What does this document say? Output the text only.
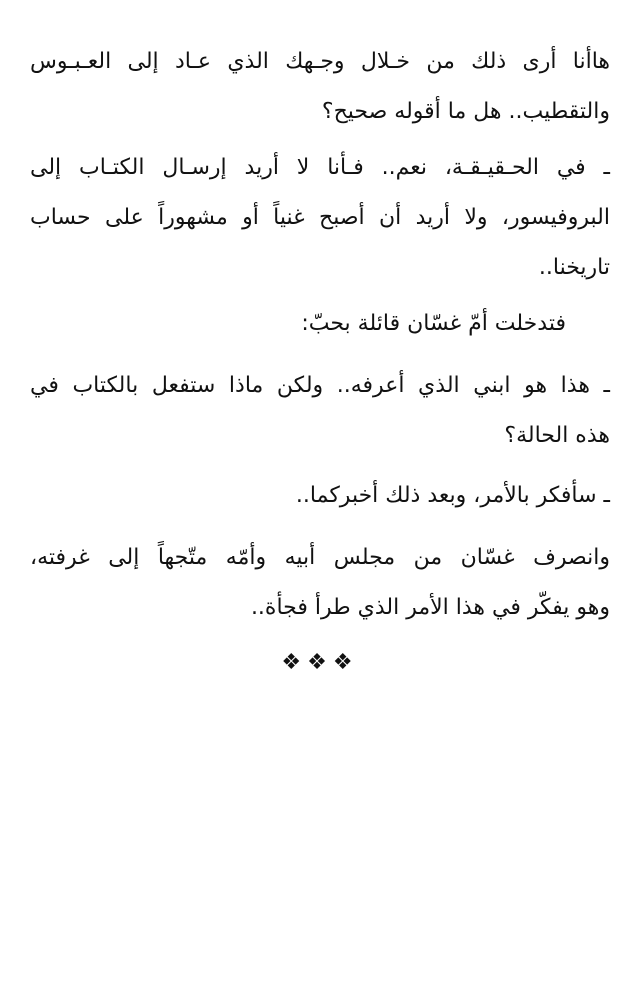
هاأنا أرى ذلك من خـلال وجـهك الذي عـاد إلى العـبـوس
والتقطيب.. هل ما أقوله صحيح؟
ـ في الحـقيـقـة، نعم.. فـأنا لا أريد إرسـال الكتـاب إلى
البروفيسور، ولا أريد أن أصبح غنياً أو مشهوراً على حساب
تاريخنا..
فتدخلت أمّ غسّان قائلة بحبّ:
ـ هذا هو ابني الذي أعرفه.. ولكن ماذا ستفعل بالكتاب في
هذه الحالة؟
ـ سأفكر بالأمر، وبعد ذلك أخبركما..
وانصرف غسّان من مجلس أبيه وأمّه متّجهاً إلى غرفته،
وهو يفكّر في هذا الأمر الذي طرأ فجأة..
❖❖❖
